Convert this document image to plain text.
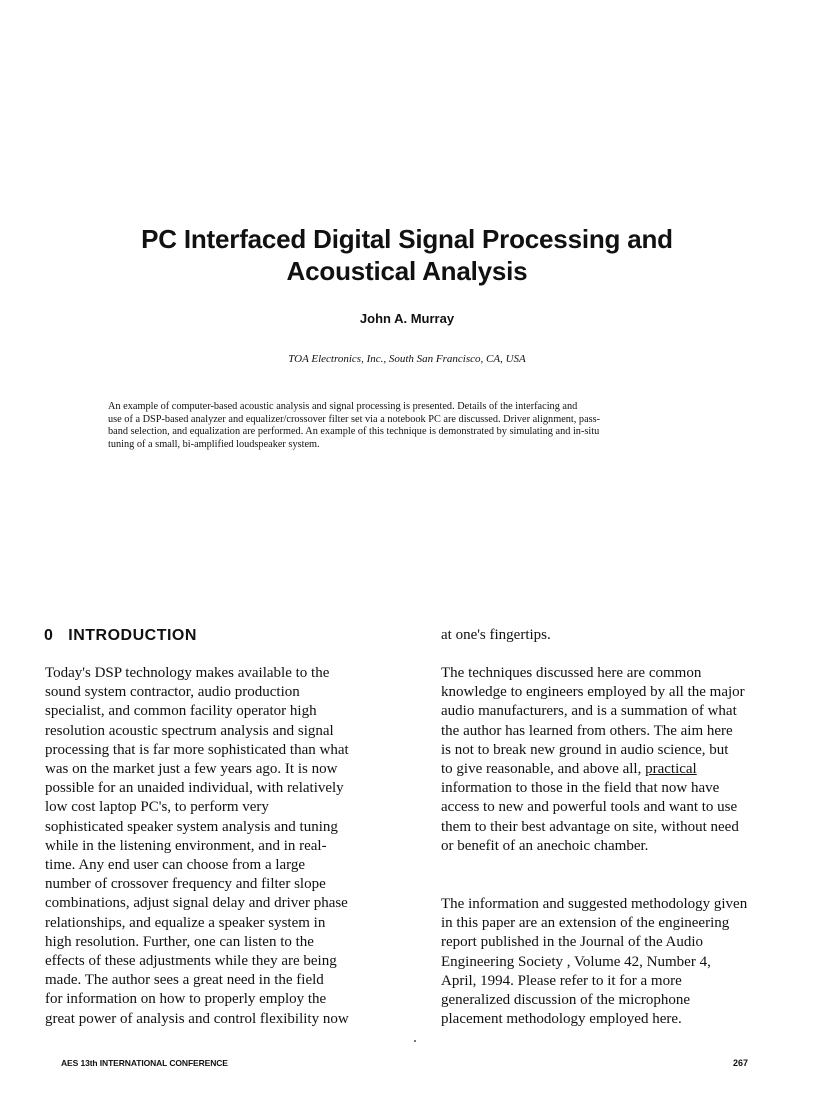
PC Interfaced Digital Signal Processing and
Acoustical Analysis
John A. Murray
TOA Electronics, Inc., South San Francisco, CA, USA
An example of computer-based acoustic analysis and signal processing is presented. Details of the interfacing and
use of a DSP-based analyzer and equalizer/crossover filter set via a notebook PC are discussed. Driver alignment, pass-
band selection, and equalization are performed. An example of this technique is demonstrated by simulating and in-situ
tuning of a small, bi-amplified loudspeaker system.
0 INTRODUCTION
Today's DSP technology makes available to the
sound system contractor, audio production
specialist, and common facility operator high
resolution acoustic spectrum analysis and signal
processing that is far more sophisticated than what
was on the market just a few years ago. It is now
possible for an unaided individual, with relatively
low cost laptop PC's, to perform very
sophisticated speaker system analysis and tuning
while in the listening environment, and in real-
time. Any end user can choose from a large
number of crossover frequency and filter slope
combinations, adjust signal delay and driver phase
relationships, and equalize a speaker system in
high resolution. Further, one can listen to the
effects of these adjustments while they are being
made. The author sees a great need in the field
for information on how to properly employ the
great power of analysis and control flexibility now
at one's fingertips.
The techniques discussed here are common
knowledge to engineers employed by all the major
audio manufacturers, and is a summation of what
the author has learned from others. The aim here
is not to break new ground in audio science, but
to give reasonable, and above all, practical
information to those in the field that now have
access to new and powerful tools and want to use
them to their best advantage on site, without need
or benefit of an anechoic chamber.
The information and suggested methodology given
in this paper are an extension of the engineering
report published in the Journal of the Audio
Engineering Society , Volume 42, Number 4,
April, 1994. Please refer to it for a more
generalized discussion of the microphone
placement methodology employed here.
AES 13th INTERNATIONAL CONFERENCE	267
